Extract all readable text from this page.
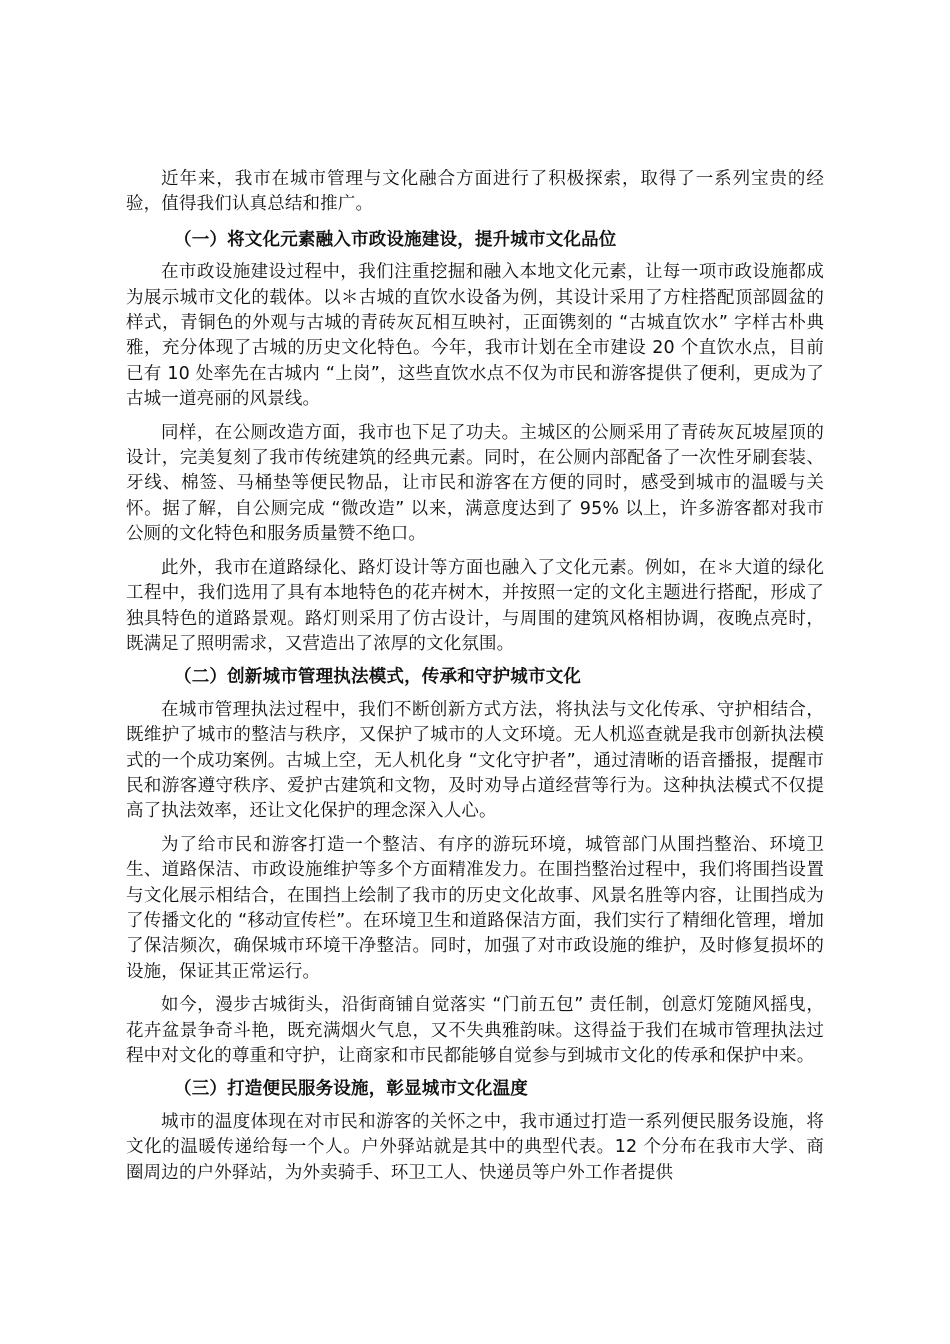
近年来，我市在城市管理与文化融合方面进行了积极探索，取得了一系列宝贵的经验，值得我们认真总结和推广。

（一）将文化元素融入市政设施建设，提升城市文化品位

在市政设施建设过程中，我们注重挖掘和融入本地文化元素，让每一项市政设施都成为展示城市文化的载体。以＊古城的直饮水设备为例，其设计采用了方柱搭配顶部圆盆的样式，青铜色的外观与古城的青砖灰瓦相互映衬，正面镌刻的 “古城直饮水” 字样古朴典雅，充分体现了古城的历史文化特色。今年，我市计划在全市建设 20 个直饮水点，目前已有 10 处率先在古城内 “上岗”，这些直饮水点不仅为市民和游客提供了便利，更成为了古城一道亮丽的风景线。

同样，在公厕改造方面，我市也下足了功夫。主城区的公厕采用了青砖灰瓦坡屋顶的设计，完美复刻了我市传统建筑的经典元素。同时，在公厕内部配备了一次性牙刷套装、牙线、棉签、马桶垫等便民物品，让市民和游客在方便的同时，感受到城市的温暖与关怀。据了解，自公厕完成 “微改造” 以来，满意度达到了 95% 以上，许多游客都对我市公厕的文化特色和服务质量赞不绝口。

此外，我市在道路绿化、路灯设计等方面也融入了文化元素。例如，在＊大道的绿化工程中，我们选用了具有本地特色的花卉树木，并按照一定的文化主题进行搭配，形成了独具特色的道路景观。路灯则采用了仿古设计，与周围的建筑风格相协调，夜晚点亮时，既满足了照明需求，又营造出了浓厚的文化氛围。

（二）创新城市管理执法模式，传承和守护城市文化

在城市管理执法过程中，我们不断创新方式方法，将执法与文化传承、守护相结合，既维护了城市的整洁与秩序，又保护了城市的人文环境。无人机巡查就是我市创新执法模式的一个成功案例。古城上空，无人机化身 “文化守护者”，通过清晰的语音播报，提醒市民和游客遵守秩序、爱护古建筑和文物，及时劝导占道经营等行为。这种执法模式不仅提高了执法效率，还让文化保护的理念深入人心。

为了给市民和游客打造一个整洁、有序的游玩环境，城管部门从围挡整治、环境卫生、道路保洁、市政设施维护等多个方面精准发力。在围挡整治过程中，我们将围挡设置与文化展示相结合，在围挡上绘制了我市的历史文化故事、风景名胜等内容，让围挡成为了传播文化的 “移动宣传栏”。在环境卫生和道路保洁方面，我们实行了精细化管理，增加了保洁频次，确保城市环境干净整洁。同时，加强了对市政设施的维护，及时修复损坏的设施，保证其正常运行。

如今，漫步古城街头，沿街商铺自觉落实 “门前五包” 责任制，创意灯笼随风摇曳，花卉盆景争奇斗艳，既充满烟火气息，又不失典雅韵味。这得益于我们在城市管理执法过程中对文化的尊重和守护，让商家和市民都能够自觉参与到城市文化的传承和保护中来。

（三）打造便民服务设施，彰显城市文化温度

城市的温度体现在对市民和游客的关怀之中，我市通过打造一系列便民服务设施，将文化的温暖传递给每一个人。户外驿站就是其中的典型代表。12 个分布在我市大学、商圈周边的户外驿站，为外卖骑手、环卫工人、快递员等户外工作者提供
